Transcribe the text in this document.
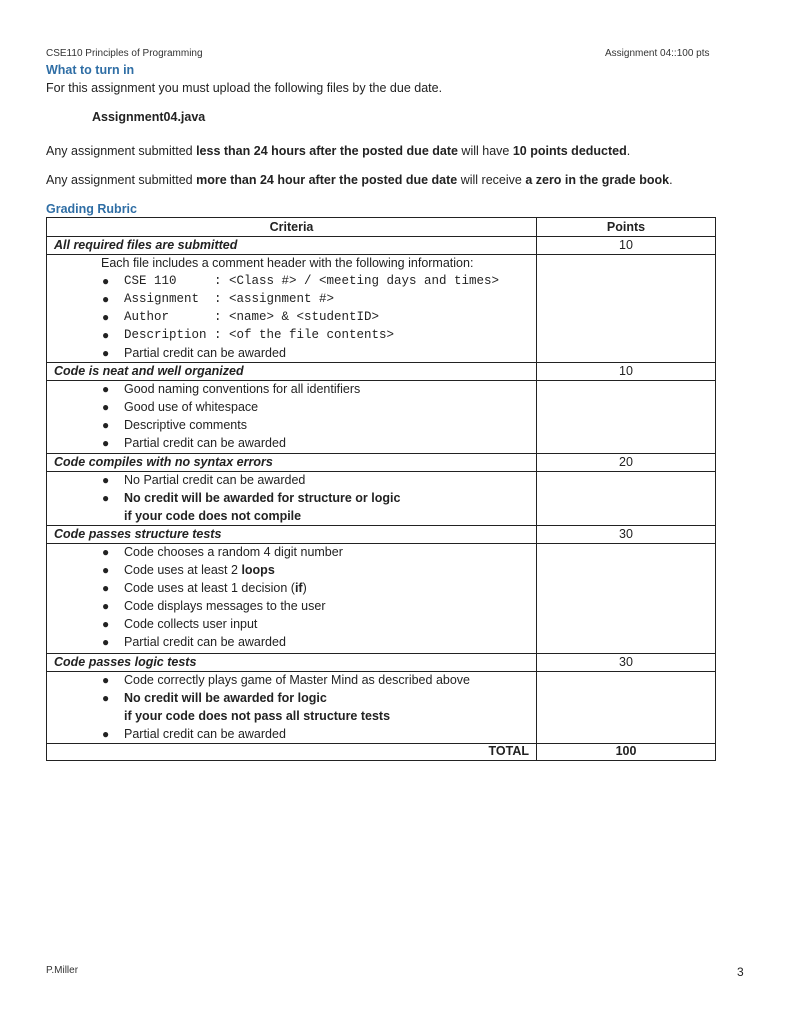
CSE110 Principles of Programming	Assignment 04::100 pts
What to turn in
For this assignment you must upload the following files by the due date.
Assignment04.java
Any assignment submitted less than 24 hours after the posted due date will have 10 points deducted.
Any assignment submitted more than 24 hour after the posted due date will receive a zero in the grade book.
Grading Rubric
Criteria	Points
All required files are submitted	10
Each file includes a comment header with the following information:
● CSE 110     : <Class #> / <meeting days and times>
● Assignment  : <assignment #>
● Author      : <name> & <studentID>
● Description : <of the file contents>
● Partial credit can be awarded
Code is neat and well organized	10
● Good naming conventions for all identifiers
● Good use of whitespace
● Descriptive comments
● Partial credit can be awarded
Code compiles with no syntax errors	20
● No Partial credit can be awarded
● No credit will be awarded for structure or logic
if your code does not compile
Code passes structure tests	30
● Code chooses a random 4 digit number
● Code uses at least 2 loops
● Code uses at least 1 decision (if)
● Code displays messages to the user
● Code collects user input
● Partial credit can be awarded
Code passes logic tests	30
● Code correctly plays game of Master Mind as described above
● No credit will be awarded for logic
if your code does not pass all structure tests
● Partial credit can be awarded
TOTAL	100
P.Miller	3
